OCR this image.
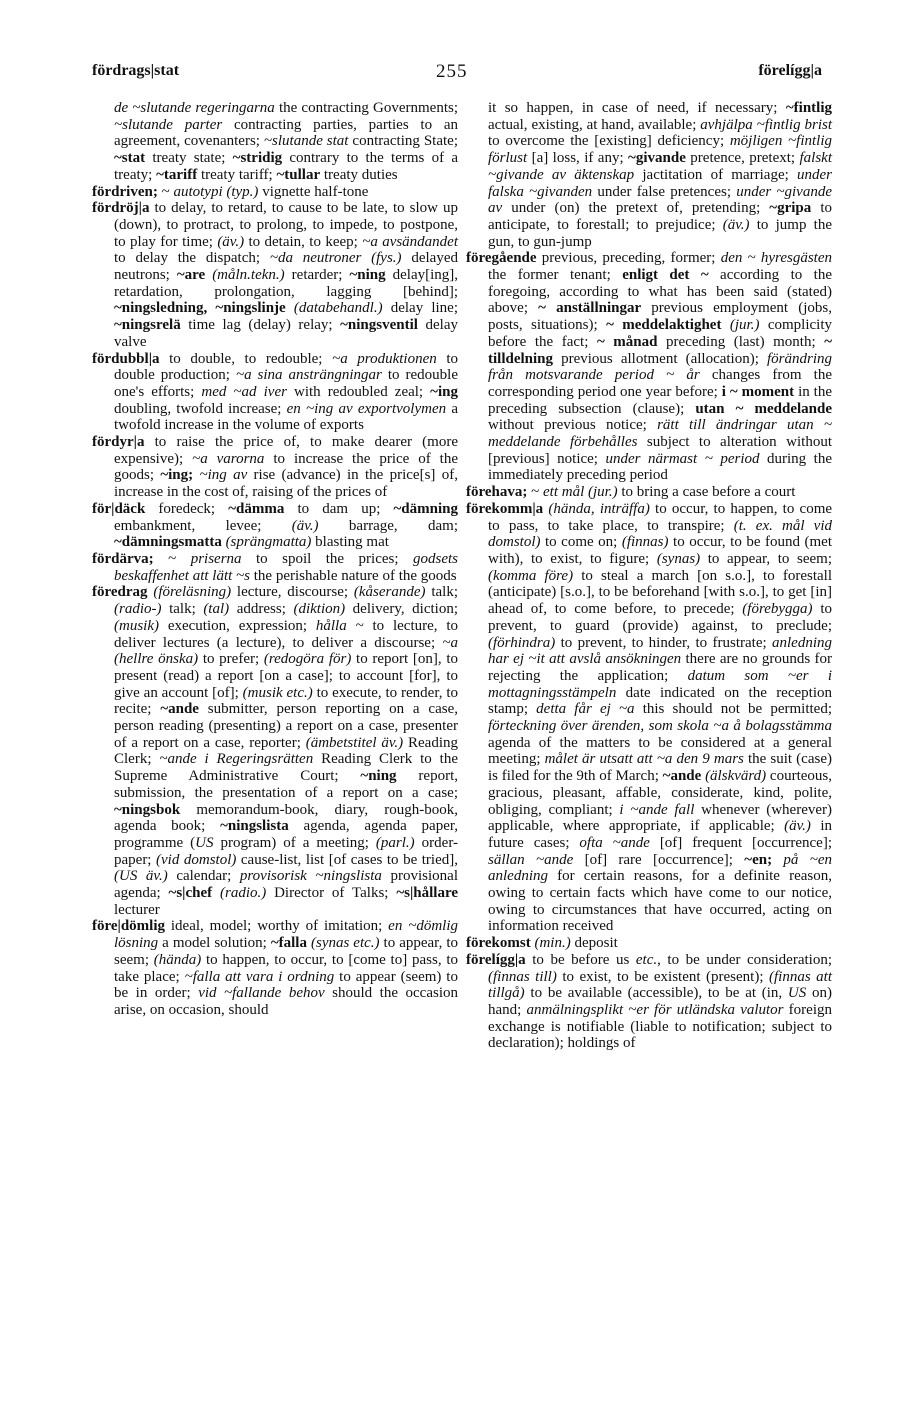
fördrags|stat	255	förelígg|a

de ~slutande regeringarna the contracting Governments; ~slutande parter contracting parties, parties to an agreement, covenanters; ~slutande stat contracting State; ~stat treaty state; ~stridig contrary to the terms of a treaty; ~tariff treaty tariff; ~tullar treaty duties

fördriven; ~ autotypi (typ.) vignette half-tone

fördröj|a to delay, to retard, to cause to be late, to slow up (down), to protract, to prolong, to impede, to postpone, to play for time; (äv.) to detain, to keep; ~a avsändandet to delay the dispatch; ~da neutroner (fys.) delayed neutrons; ~are (måln.tekn.) retarder; ~ning delay[ing], retardation, prolongation, lagging [behind]; ~ningsledning, ~ningslinje (databehandl.) delay line; ~ningsrelä time lag (delay) relay; ~ningsventil delay valve

fördubbl|a to double, to redouble; ~a produktionen to double production; ~a sina ansträngningar to redouble one's efforts; med ~ad iver with redoubled zeal; ~ing doubling, twofold increase; en ~ing av exportvolymen a twofold increase in the volume of exports

fördyr|a to raise the price of, to make dearer (more expensive); ~a varorna to increase the price of the goods; ~ing; ~ing av rise (advance) in the price[s] of, increase in the cost of, raising of the prices of

för|däck foredeck; ~dämma to dam up; ~dämning embankment, levee; (äv.) barrage, dam; ~dämningsmatta (sprängmatta) blasting mat

fördärva; ~ priserna to spoil the prices; godsets beskaffenhet att lätt ~s the perishable nature of the goods

föredrag (föreläsning) lecture, discourse; (kåserande) talk; (radio-) talk; (tal) address; (diktion) delivery, diction; (musik) execution, expression; hålla ~ to lecture, to deliver lectures (a lecture), to deliver a discourse; ~a (hellre önska) to prefer; (redogöra för) to report [on], to present (read) a report [on a case]; to account [for], to give an account [of]; (musik etc.) to execute, to render, to recite; ~ande submitter, person reporting on a case, person reading (presenting) a report on a case, presenter of a report on a case, reporter; (ämbetstitel äv.) Reading Clerk; ~ande i Regeringsrätten Reading Clerk to the Supreme Administrative Court; ~ning report, submission, the presentation of a report on a case; ~ningsbok memorandum-book, diary, rough-book, agenda book; ~ningslista agenda, agenda paper, programme (US program) of a meeting; (parl.) order-paper; (vid domstol) cause-list, list [of cases to be tried], (US äv.) calendar; provisorisk ~ningslista provisional agenda; ~s|chef (radio.) Director of Talks; ~s|hållare lecturer

före|dömlig ideal, model; worthy of imitation; en ~dömlig lösning a model solution; ~falla (synas etc.) to appear, to seem; (hända) to happen, to occur, to [come to] pass, to take place; ~falla att vara i ordning to appear (seem) to be in order; vid ~fallande behov should the occasion arise, on occasion, should

it so happen, in case of need, if necessary; ~fintlig actual, existing, at hand, available; avhjälpa ~fintlig brist to overcome the [existing] deficiency; möjligen ~fintlig förlust [a] loss, if any; ~givande pretence, pretext; falskt ~givande av äktenskap jactitation of marriage; under falska ~givanden under false pretences; under ~givande av under (on) the pretext of, pretending; ~gripa to anticipate, to forestall; to prejudice; (äv.) to jump the gun, to gun-jump

föregående previous, preceding, former; den ~ hyresgästen the former tenant; enligt det ~ according to the foregoing, according to what has been said (stated) above; ~ anställningar previous employment (jobs, posts, situations); ~ meddelaktighet (jur.) complicity before the fact; ~ månad preceding (last) month; ~ tilldelning previous allotment (allocation); förändring från motsvarande period ~ år changes from the corresponding period one year before; i ~ moment in the preceding subsection (clause); utan ~ meddelande without previous notice; rätt till ändringar utan ~ meddelande förbehålles subject to alteration without [previous] notice; under närmast ~ period during the immediately preceding period

förehava; ~ ett mål (jur.) to bring a case before a court

förekomm|a (hända, inträffa) to occur, to happen, to come to pass, to take place, to transpire; (t. ex. mål vid domstol) to come on; (finnas) to occur, to be found (met with), to exist, to figure; (synas) to appear, to seem; (komma före) to steal a march [on s.o.], to forestall (anticipate) [s.o.], to be beforehand [with s.o.], to get [in] ahead of, to come before, to precede; (förebygga) to prevent, to guard (provide) against, to preclude; (förhindra) to prevent, to hinder, to frustrate; anledning har ej ~it att avslå ansökningen there are no grounds for rejecting the application; datum som ~er i mottagningsstämpeln date indicated on the reception stamp; detta får ej ~a this should not be permitted; förteckning över ärenden, som skola ~a å bolagsstämma agenda of the matters to be considered at a general meeting; målet är utsatt att ~a den 9 mars the suit (case) is filed for the 9th of March; ~ande (älskvärd) courteous, gracious, pleasant, affable, considerate, kind, polite, obliging, compliant; i ~ande fall whenever (wherever) applicable, where appropriate, if applicable; (äv.) in future cases; ofta ~ande [of] frequent [occurrence]; sällan ~ande [of] rare [occurrence]; ~en; på ~en anledning for certain reasons, for a definite reason, owing to certain facts which have come to our notice, owing to circumstances that have occurred, acting on information received

förekomst (min.) deposit

förelígg|a to be before us etc., to be under consideration; (finnas till) to exist, to be existent (present); (finnas att tillgå) to be available (accessible), to be at (in, US on) hand; anmälningsplikt ~er för utländska valutor foreign exchange is notifiable (liable to notification; subject to declaration); holdings of
